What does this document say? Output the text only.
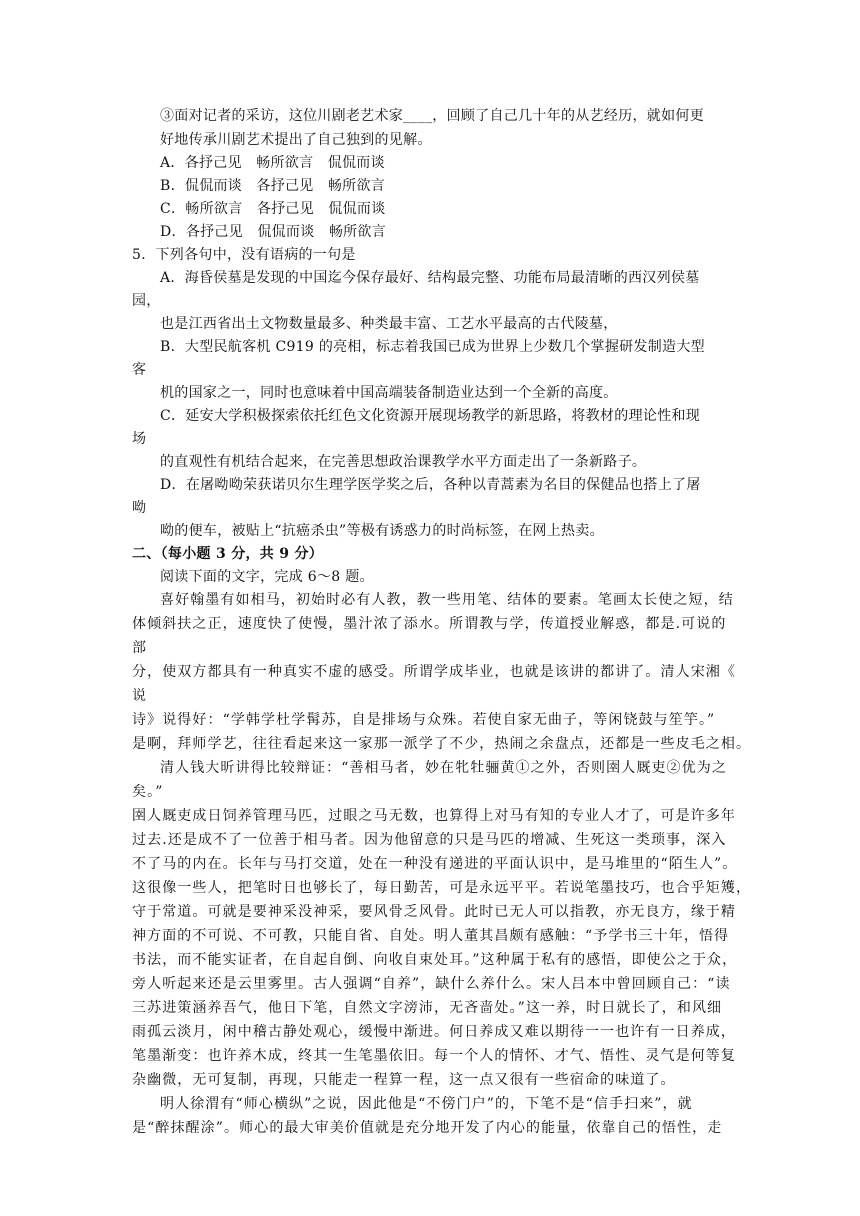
③面对记者的采访，这位川剧老艺术家____，回顾了自己几十年的从艺经历，就如何更
好地传承川剧艺术提出了自己独到的见解。
A．各抒己见　畅所欲言　侃侃而谈
B．侃侃而谈　各抒己见　畅所欲言
C．畅所欲言　各抒己见　侃侃而谈
D．各抒己见　侃侃而谈　畅所欲言
5．下列各句中，没有语病的一句是
A．海昏侯墓是发现的中国迄今保存最好、结构最完整、功能布局最清晰的西汉列侯墓
园，
也是江西省出土文物数量最多、种类最丰富、工艺水平最高的古代陵墓，
B．大型民航客机 C919 的亮相，标志着我国已成为世界上少数几个掌握研发制造大型
客
机的国家之一，同时也意味着中国高端装备制造业达到一个全新的高度。
C．延安大学积极探索依托红色文化资源开展现场教学的新思路，将教材的理论性和现
场
的直观性有机结合起来，在完善思想政治课教学水平方面走出了一条新路子。
D．在屠呦呦荣获诺贝尔生理学医学奖之后，各种以青蒿素为名目的保健品也搭上了屠
呦
呦的便车，被贴上“抗癌杀虫”等极有诱惑力的时尚标签，在网上热卖。
二、（每小题 3 分，共 9 分）
阅读下面的文字，完成 6～8 题。
喜好翰墨有如相马，初始时必有人教，教一些用笔、结体的要素。笔画太长使之短，结
体倾斜扶之正，速度快了使慢，墨汁浓了添水。所谓教与学，传道授业解惑，都是.可说的
部
分，使双方都具有一种真实不虚的感受。所谓学成毕业，也就是该讲的都讲了。清人宋湘《
说
诗》说得好：“学韩学杜学髯苏，自是排场与众殊。若使自家无曲子，等闲铙鼓与笙竽。”
是啊，拜师学艺，往往看起来这一家那一派学了不少，热闹之余盘点，还都是一些皮毛之相。
清人钱大昕讲得比较辩证：“善相马者，妙在牝牡骊黄①之外，否则圉人厩吏②优为之
矣。”
圉人厩吏成日饲养管理马匹，过眼之马无数，也算得上对马有知的专业人才了，可是许多年
过去.还是成不了一位善于相马者。因为他留意的只是马匹的增减、生死这一类琐事，深入
不了马的内在。长年与马打交道，处在一种没有递进的平面认识中，是马堆里的“陌生人”。
这很像一些人，把笔时日也够长了，每日勤苦，可是永远平平。若说笔墨技巧，也合乎矩矱，
守于常道。可就是要神采没神采，要风骨乏风骨。此时已无人可以指教，亦无良方，缘于精
神方面的不可说、不可教，只能自省、自处。明人董其昌颇有感触：“予学书三十年，悟得
书法，而不能实证者，在自起自倒、向收自束处耳。”这种属于私有的感悟，即使公之于众，
旁人听起来还是云里雾里。古人强调“自养”，缺什么养什么。宋人吕本中曾回顾自己：“读
三苏进策涵养吾气，他日下笔，自然文字滂沛，无吝啬处。”这一养，时日就长了，和风细
雨孤云淡月，闲中稽古静处观心，缓慢中渐进。何日养成又难以期待一一也许有一日养成，
笔墨渐变：也许养木成，终其一生笔墨依旧。每一个人的情怀、才气、悟性、灵气是何等复
杂幽微，无可复制，再现，只能走一程算一程，这一点又很有一些宿命的味道了。
明人徐渭有“师心横纵”之说，因此他是“不傍门户”的，下笔不是“信手扫来”，就
是“醉抹醒涂”。师心的最大审美价值就是充分地开发了内心的能量，依靠自己的悟性，走
